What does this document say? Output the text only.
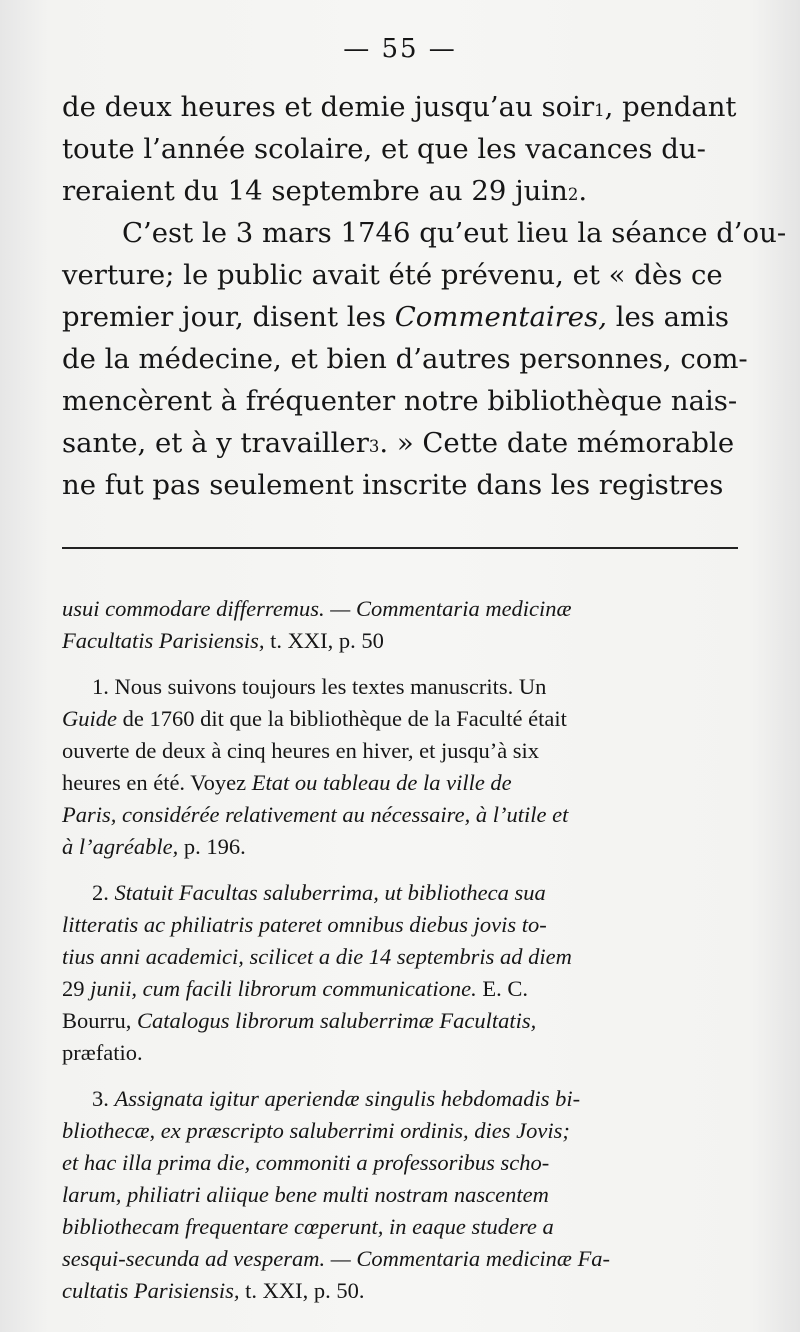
— 55 —
de deux heures et demie jusqu’au soir$^1$, pendant
toute l’année scolaire, et que les vacances du-
reraient du 14 septembre au 29 juin$^2$.
C’est le 3 mars 1746 qu’eut lieu la séance d’ou-
verture; le public avait été prévenu, et « dès ce
premier jour, disent les Commentaires, les amis
de la médecine, et bien d’autres personnes, com-
mencèrent à fréquenter notre bibliothèque nais-
sante, et à y travailler$^3$. » Cette date mémorable
ne fut pas seulement inscrite dans les registres
usui commodare differremus. — Commentaria medicinæ
Facultatis Parisiensis, t. XXI, p. 50
1. Nous suivons toujours les textes manuscrits. Un
Guide de 1760 dit que la bibliothèque de la Faculté était
ouverte de deux à cinq heures en hiver, et jusqu’à six
heures en été. Voyez Etat ou tableau de la ville de
Paris, considérée relativement au nécessaire, à l’utile et
à l’agréable, p. 196.
2. Statuit Facultas saluberrima, ut bibliotheca sua
litteratis ac philiatris pateret omnibus diebus jovis to-
tius anni academici, scilicet a die 14 septembris ad diem
29 junii, cum facili librorum communicatione. E. C.
Bourru, Catalogus librorum saluberrimæ Facultatis,
præfatio.
3. Assignata igitur aperiendæ singulis hebdomadis bi-
bliothecæ, ex præscripto saluberrimi ordinis, dies Jovis;
et hac illa prima die, commoniti a professoribus scho-
larum, philiatri aliique bene multi nostram nascentem
bibliothecam frequentare cœperunt, in eaque studere a
sesqui-secunda ad vesperam. — Commentaria medicinæ Fa-
cultatis Parisiensis, t. XXI, p. 50.
